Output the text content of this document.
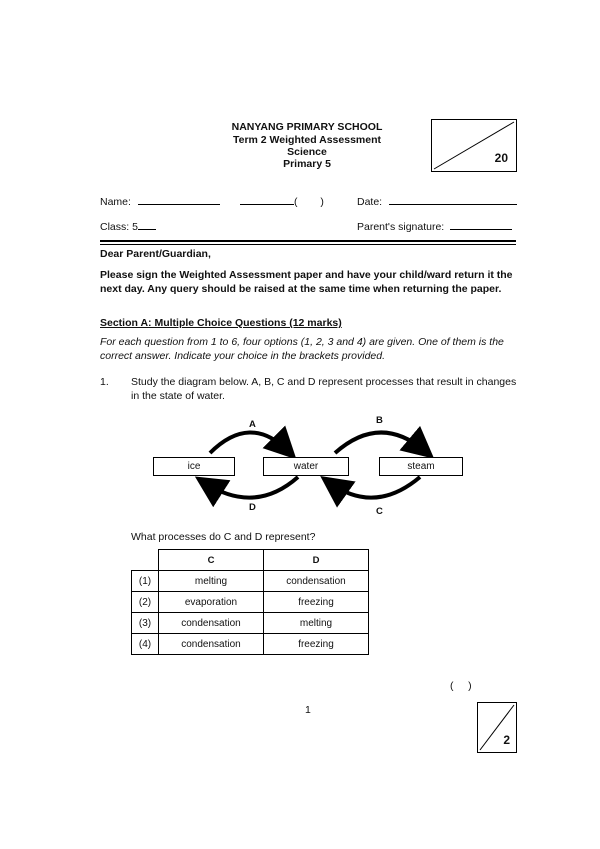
NANYANG PRIMARY SCHOOL
Term 2 Weighted Assessment
Science
Primary 5	20
Name:	( )	Date:
Class: 5	Parent's signature:
Dear Parent/Guardian,
Please sign the Weighted Assessment paper and have your child/ward return it the next day. Any query should be raised at the same time when returning the paper.
Section A: Multiple Choice Questions (12 marks)
For each question from 1 to 6, four options (1, 2, 3 and 4) are given. One of them is the correct answer. Indicate your choice in the brackets provided.
1. Study the diagram below. A, B, C and D represent processes that result in changes in the state of water.
ice	water	steam
A	B
D	C
What processes do C and D represent?
	C	D
(1)	melting	condensation
(2)	evaporation	freezing
(3)	condensation	melting
(4)	condensation	freezing
(     )
1
2
